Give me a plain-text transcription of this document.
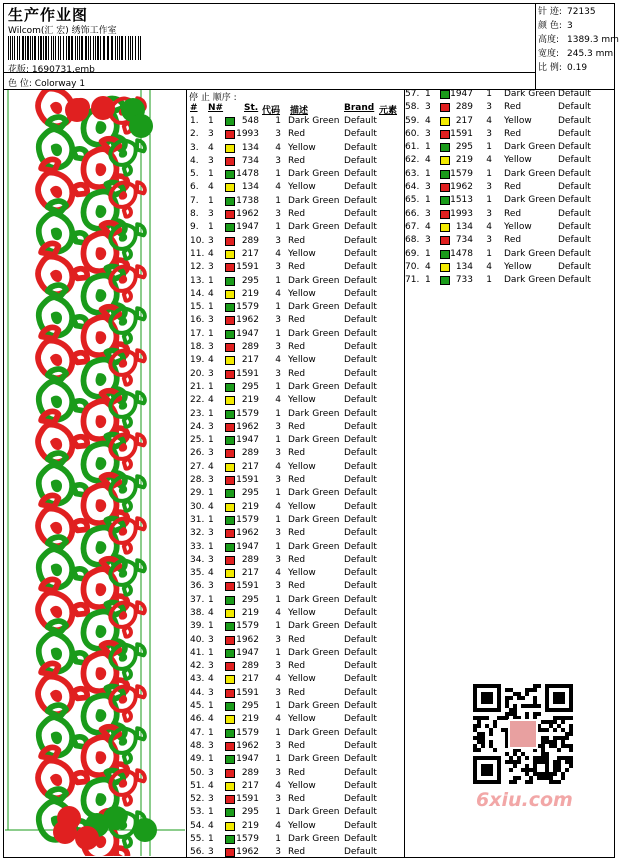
生产作业图
Wilcom(汇 宏) 绣饰工作室
花版: 1690731.emb
色 位: Colorway 1
针 迹: 72135
颜 色: 3
高度: 1389.3 mm
宽度: 245.3 mm
比 例: 0.19
停 止 顺序 :
# N# St. 代码 描述	Brand 元素
1. 1	548	1 Dark Green Default
2. 3	1993	3 Red	Default
3. 4	134	4 Yellow	Default
4. 3	734	3 Red	Default
5. 1	1478	1 Dark Green Default
6. 4	134	4 Yellow	Default
7. 1	1738	1 Dark Green Default
8. 3	1962	3 Red	Default
9. 1	1947	1 Dark Green Default
10. 3	289	3 Red	Default
11. 4	217	4 Yellow	Default
12. 3	1591	3 Red	Default
13. 1	295	1 Dark Green Default
14. 4	219	4 Yellow	Default
15. 1	1579	1 Dark Green Default
16. 3	1962	3 Red	Default
17. 1	1947	1 Dark Green Default
18. 3	289	3 Red	Default
19. 4	217	4 Yellow	Default
20. 3	1591	3 Red	Default
21. 1	295	1 Dark Green Default
22. 4	219	4 Yellow	Default
23. 1	1579	1 Dark Green Default
24. 3	1962	3 Red	Default
25. 1	1947	1 Dark Green Default
26. 3	289	3 Red	Default
27. 4	217	4 Yellow	Default
28. 3	1591	3 Red	Default
29. 1	295	1 Dark Green Default
30. 4	219	4 Yellow	Default
31. 1	1579	1 Dark Green Default
32. 3	1962	3 Red	Default
33. 1	1947	1 Dark Green Default
34. 3	289	3 Red	Default
35. 4	217	4 Yellow	Default
36. 3	1591	3 Red	Default
37. 1	295	1 Dark Green Default
38. 4	219	4 Yellow	Default
39. 1	1579	1 Dark Green Default
40. 3	1962	3 Red	Default
41. 1	1947	1 Dark Green Default
42. 3	289	3 Red	Default
43. 4	217	4 Yellow	Default
44. 3	1591	3 Red	Default
45. 1	295	1 Dark Green Default
46. 4	219	4 Yellow	Default
47. 1	1579	1 Dark Green Default
48. 3	1962	3 Red	Default
49. 1	1947	1 Dark Green Default
50. 3	289	3 Red	Default
51. 4	217	4 Yellow	Default
52. 3	1591	3 Red	Default
53. 1	295	1 Dark Green Default
54. 4	219	4 Yellow	Default
55. 1	1579	1 Dark Green Default
56. 3	1962	3 Red	Default
57. 1	1947	1 Dark Green Default
58. 3	289	3 Red	Default
59. 4	217	4 Yellow	Default
60. 3	1591	3 Red	Default
61. 1	295	1 Dark Green Default
62. 4	219	4 Yellow	Default
63. 1	1579	1 Dark Green Default
64. 3	1962	3 Red	Default
65. 1	1513	1 Dark Green Default
66. 3	1993	3 Red	Default
67. 4	134	4 Yellow	Default
68. 3	734	3 Red	Default
69. 1	1478	1 Dark Green Default
70. 4	134	4 Yellow	Default
71. 1	733	1 Dark Green Default
6xiu.com
